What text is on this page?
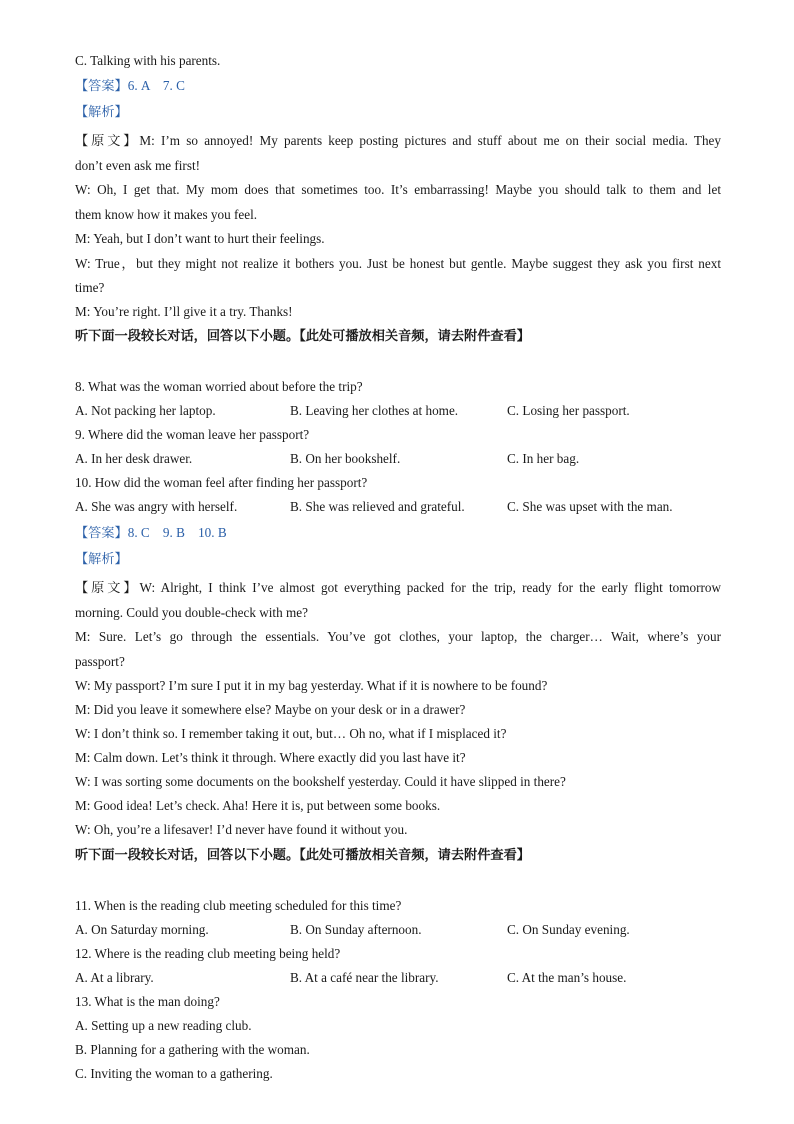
C. Talking with his parents.
【答案】6. A　7. C
【解析】
【原文】M: I’m so annoyed! My parents keep posting pictures and stuff about me on their social media. They
don’t even ask me first!
W: Oh, I get that. My mom does that sometimes too. It’s embarrassing! Maybe you should talk to them and let
them know how it makes you feel.
M: Yeah, but I don’t want to hurt their feelings.
W: True，but they might not realize it bothers you. Just be honest but gentle. Maybe suggest they ask you first next
time?
M: You’re right. I’ll give it a try. Thanks!
听下面一段较长对话，回答以下小题。【此处可播放相关音频，请去附件查看】
8. What was the woman worried about before the trip?
A. Not packing her laptop.	B. Leaving her clothes at home.	C. Losing her passport.
9. Where did the woman leave her passport?
A. In her desk drawer.	B. On her bookshelf.	C. In her bag.
10. How did the woman feel after finding her passport?
A. She was angry with herself.	B. She was relieved and grateful.	C. She was upset with the man.
【答案】8. C　9. B　10. B
【解析】
【原文】W: Alright, I think I’ve almost got everything packed for the trip, ready for the early flight tomorrow
morning. Could you double-check with me?
M: Sure. Let’s go through the essentials. You’ve got clothes, your laptop, the charger… Wait, where’s your
passport?
W: My passport? I’m sure I put it in my bag yesterday. What if it is nowhere to be found?
M: Did you leave it somewhere else? Maybe on your desk or in a drawer?
W: I don’t think so. I remember taking it out, but… Oh no, what if I misplaced it?
M: Calm down. Let’s think it through. Where exactly did you last have it?
W: I was sorting some documents on the bookshelf yesterday. Could it have slipped in there?
M: Good idea! Let’s check. Aha! Here it is, put between some books.
W: Oh, you’re a lifesaver! I’d never have found it without you.
听下面一段较长对话，回答以下小题。【此处可播放相关音频，请去附件查看】
11. When is the reading club meeting scheduled for this time?
A. On Saturday morning.	B. On Sunday afternoon.	C. On Sunday evening.
12. Where is the reading club meeting being held?
A. At a library.	B. At a café near the library.	C. At the man’s house.
13. What is the man doing?
A. Setting up a new reading club.
B. Planning for a gathering with the woman.
C. Inviting the woman to a gathering.
